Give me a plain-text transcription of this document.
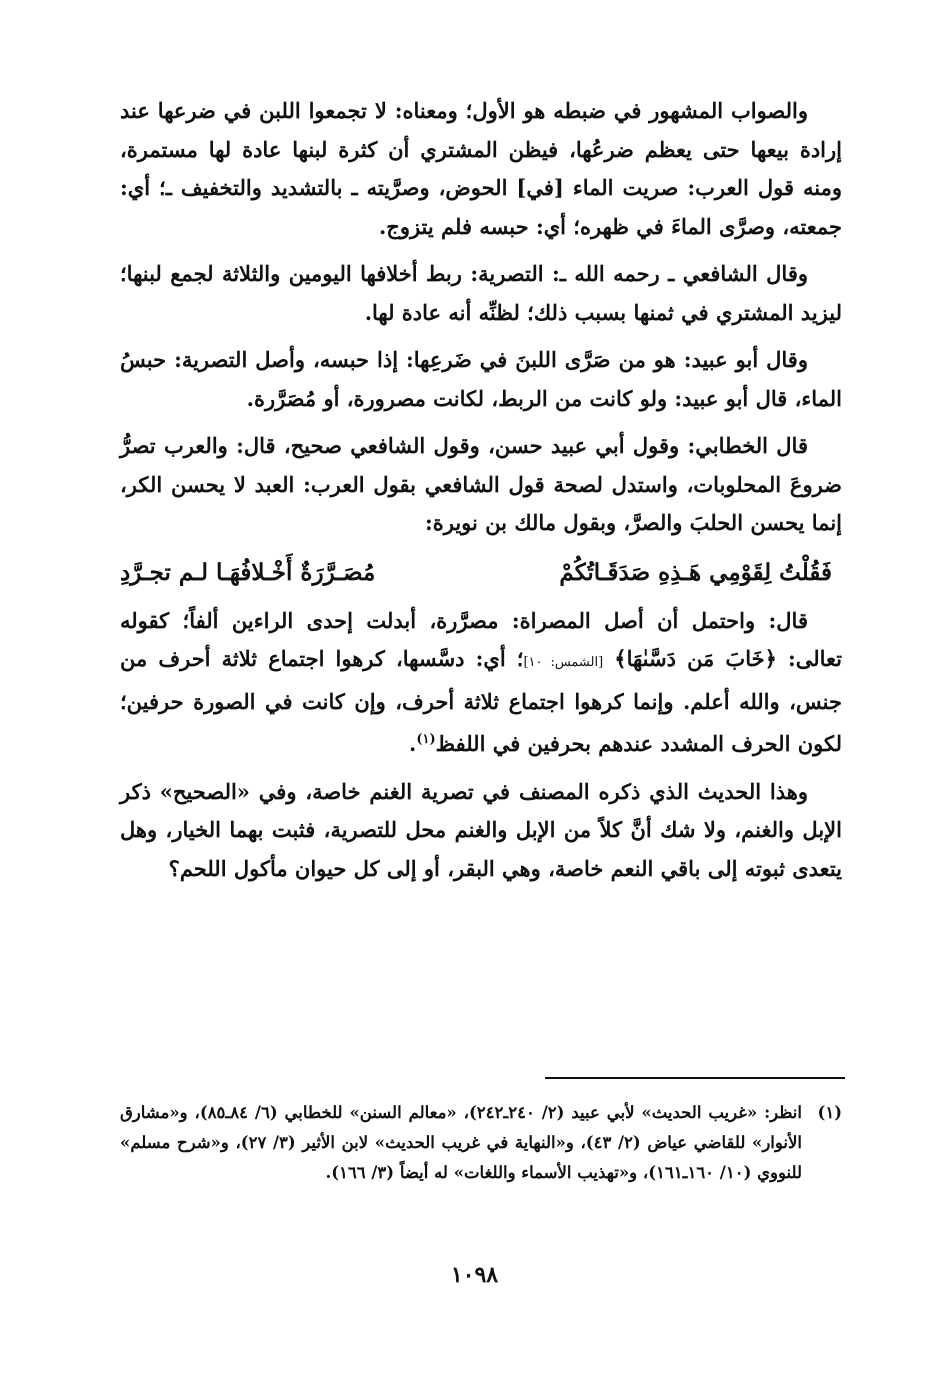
والصواب المشهور في ضبطه هو الأول؛ ومعناه: لا تجمعوا اللبن في ضرعها عند إرادة بيعها حتى يعظم ضرعُها، فيظن المشتري أن كثرة لبنها عادة لها مستمرة، ومنه قول العرب: صريت الماء [في] الحوض، وصرَّيته ـ بالتشديد والتخفيف ـ؛ أي: جمعته، وصرَّى الماءَ في ظهره؛ أي: حبسه فلم يتزوج.

وقال الشافعي ـ رحمه الله ـ: التصرية: ربط أخلافها اليومين والثلاثة لجمع لبنها؛ ليزيد المشتري في ثمنها بسبب ذلك؛ لظنِّه أنه عادة لها.

وقال أبو عبيد: هو من صَرَّى اللبنَ في ضَرعِها: إذا حبسه، وأصل التصرية: حبسُ الماء، قال أبو عبيد: ولو كانت من الربط، لكانت مصرورة، أو مُصَرَّرة.

قال الخطابي: وقول أبي عبيد حسن، وقول الشافعي صحيح، قال: والعرب تصرُّ ضروعَ المحلوبات، واستدل لصحة قول الشافعي بقول العرب: العبد لا يحسن الكر، إنما يحسن الحلبَ والصرَّ، وبقول مالك بن نويرة:

فَقُلْتُ لِقَوْمِي هَـذِهِ صَدَقَـاتُكُمْ
مُصَـرَّرَةٌ أَخْـلافُهَـا لـم تجـرَّدِ

قال: واحتمل أن أصل المصراة: مصرَّرة، أبدلت إحدى الراءين ألفاً؛ كقوله تعالى: ﴿خَابَ مَن دَسَّىٰهَا﴾ [الشمس: ١٠]؛ أي: دسَّسها، كرهوا اجتماع ثلاثة أحرف من جنس، والله أعلم. وإنما كرهوا اجتماع ثلاثة أحرف، وإن كانت في الصورة حرفين؛ لكون الحرف المشدد عندهم بحرفين في اللفظ$^{(١)}$.

وهذا الحديث الذي ذكره المصنف في تصرية الغنم خاصة، وفي «الصحيح» ذكر الإبل والغنم، ولا شك أنَّ كلاً من الإبل والغنم محل للتصرية، فثبت بهما الخيار، وهل يتعدى ثبوته إلى باقي النعم خاصة، وهي البقر، أو إلى كل حيوان مأكول اللحم؟

(١)
انظر: «غريب الحديث» لأبي عبيد (٢/ ٢٤٠ـ٢٤٢)، «معالم السنن» للخطابي (٦/ ٨٤ـ٨٥)، و«مشارق الأنوار» للقاضي عياض (٢/ ٤٣)، و«النهاية في غريب الحديث» لابن الأثير (٣/ ٢٧)، و«شرح مسلم» للنووي (١٠/ ١٦٠ـ١٦١)، و«تهذيب الأسماء واللغات» له أيضاً (٣/ ١٦٦).
١٠٩٨
